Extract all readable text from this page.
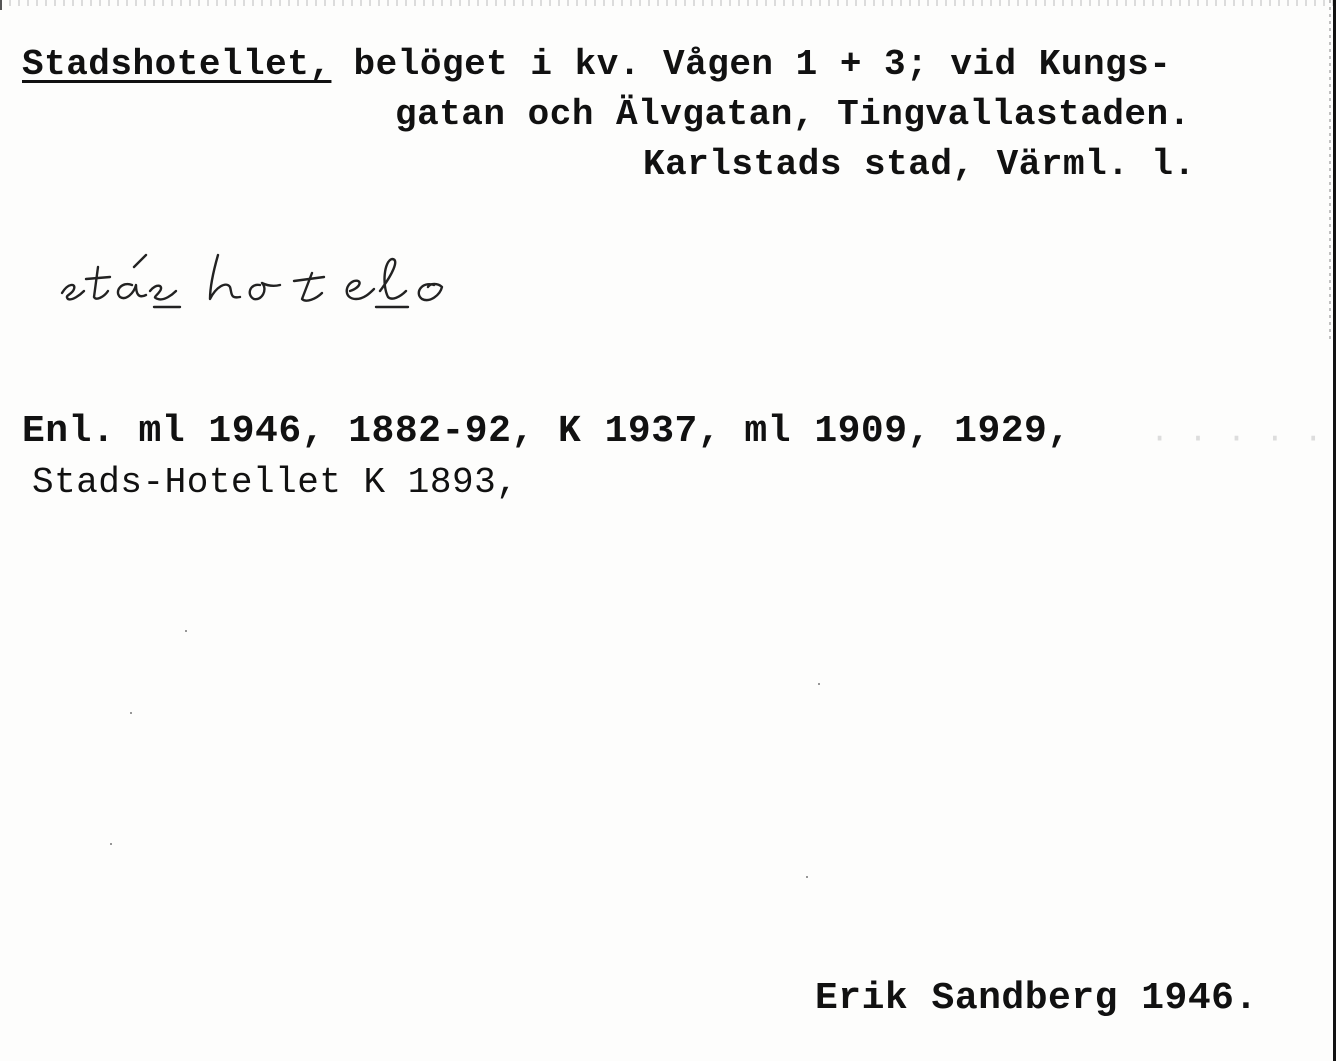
Stadshotellet, belöget i kv. Vågen 1 + 3; vid Kungs-
gatan och Älvgatan, Tingvallastaden.
Karlstads stad, Värml. l.
Enl. ml 1946, 1882-92, K 1937, ml 1909, 1929, · · · · ·
Stads-Hotellet K 1893,
Erik Sandberg 1946.
